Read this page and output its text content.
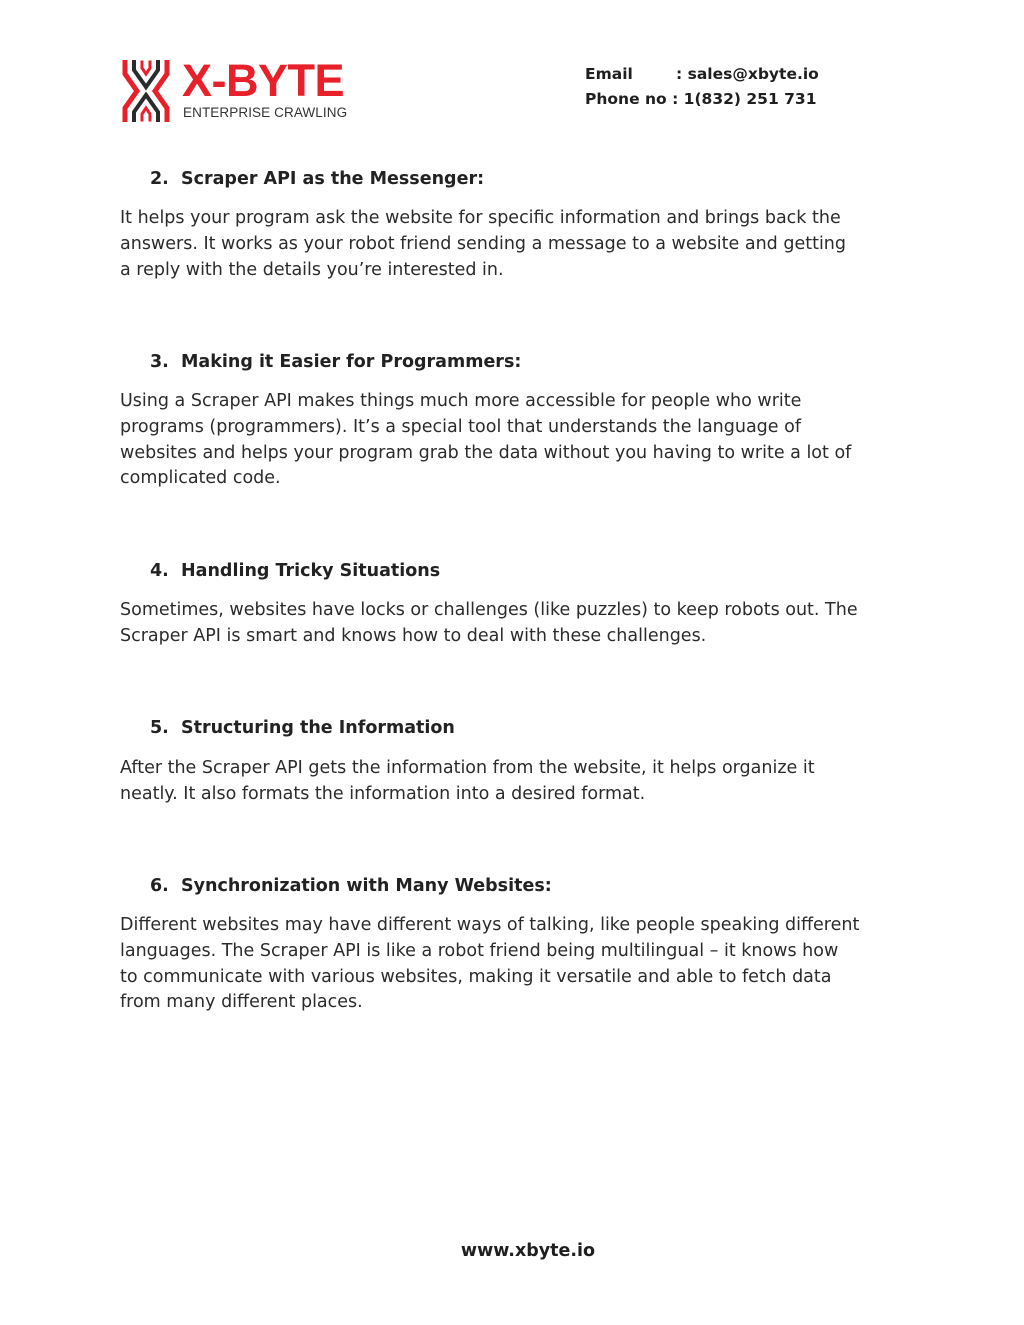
X-BYTE
ENTERPRISE CRAWLING
Email	: sales@xbyte.io
Phone no : 1(832) 251 731
2. Scraper API as the Messenger:
It helps your program ask the website for specific information and brings back the
answers. It works as your robot friend sending a message to a website and getting
a reply with the details you’re interested in.
3. Making it Easier for Programmers:
Using a Scraper API makes things much more accessible for people who write
programs (programmers). It’s a special tool that understands the language of
websites and helps your program grab the data without you having to write a lot of
complicated code.
4. Handling Tricky Situations
Sometimes, websites have locks or challenges (like puzzles) to keep robots out. The
Scraper API is smart and knows how to deal with these challenges.
5. Structuring the Information
After the Scraper API gets the information from the website, it helps organize it
neatly. It also formats the information into a desired format.
6. Synchronization with Many Websites:
Different websites may have different ways of talking, like people speaking different
languages. The Scraper API is like a robot friend being multilingual – it knows how
to communicate with various websites, making it versatile and able to fetch data
from many different places.
www.xbyte.io
